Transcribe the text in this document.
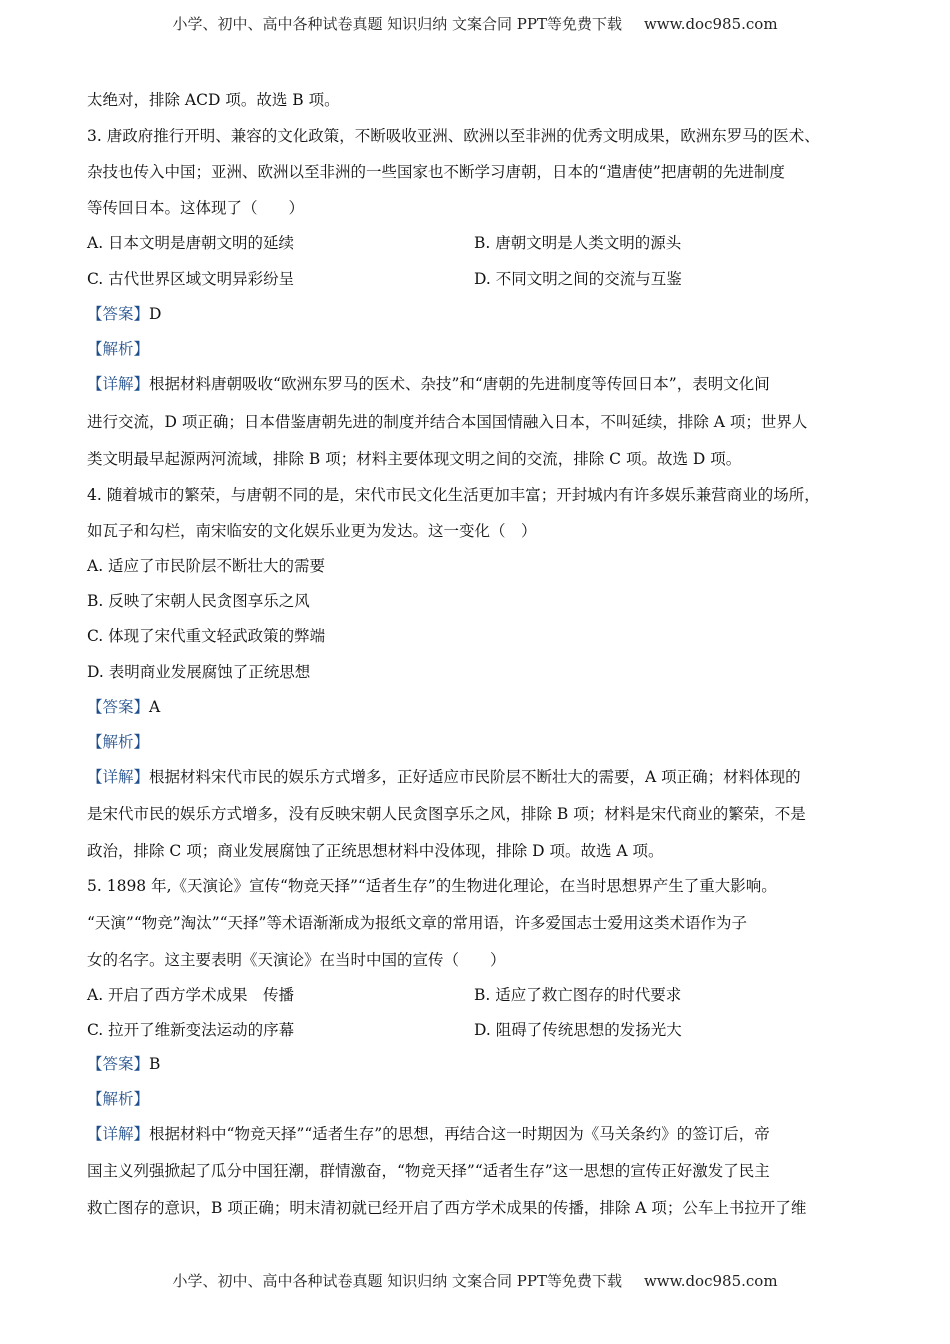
小学、初中、高中各种试卷真题 知识归纳 文案合同 PPT等免费下载 www.doc985.com
太绝对，排除 ACD 项。故选 B 项。
3. 唐政府推行开明、兼容的文化政策，不断吸收亚洲、欧洲以至非洲的优秀文明成果，欧洲东罗马的医术、
杂技也传入中国；亚洲、欧洲以至非洲的一些国家也不断学习唐朝，日本的“遣唐使”把唐朝的先进制度
等传回日本。这体现了（　　）
A. 日本文明是唐朝文明的延续	B. 唐朝文明是人类文明的源头
C. 古代世界区域文明异彩纷呈	D. 不同文明之间的交流与互鉴
【答案】D
【解析】
【详解】根据材料唐朝吸收“欧洲东罗马的医术、杂技”和“唐朝的先进制度等传回日本”，表明文化间
进行交流，D 项正确；日本借鉴唐朝先进的制度并结合本国国情融入日本，不叫延续，排除 A 项；世界人
类文明最早起源两河流域，排除 B 项；材料主要体现文明之间的交流，排除 C 项。故选 D 项。
4. 随着城市的繁荣，与唐朝不同的是，宋代市民文化生活更加丰富；开封城内有许多娱乐兼营商业的场所，
如瓦子和勾栏，南宋临安的文化娱乐业更为发达。这一变化（　）
A. 适应了市民阶层不断壮大的需要
B. 反映了宋朝人民贪图享乐之风
C. 体现了宋代重文轻武政策的弊端
D. 表明商业发展腐蚀了正统思想
【答案】A
【解析】
【详解】根据材料宋代市民的娱乐方式增多，正好适应市民阶层不断壮大的需要，A 项正确；材料体现的
是宋代市民的娱乐方式增多，没有反映宋朝人民贪图享乐之风，排除 B 项；材料是宋代商业的繁荣，不是
政治，排除 C 项；商业发展腐蚀了正统思想材料中没体现，排除 D 项。故选 A 项。
5. 1898 年,《天演论》宣传“物竞天择”“适者生存”的生物进化理论，在当时思想界产生了重大影响。
“天演”“物竞”淘汰”“天择”等术语渐渐成为报纸文章的常用语，许多爱国志士爱用这类术语作为子
女的名字。这主要表明《天演论》在当时中国的宣传（　　）
A. 开启了西方学术成果　传播	B. 适应了救亡图存的时代要求
C. 拉开了维新变法运动的序幕	D. 阻碍了传统思想的发扬光大
【答案】B
【解析】
【详解】根据材料中“物竞天择”“适者生存”的思想，再结合这一时期因为《马关条约》的签订后，帝
国主义列强掀起了瓜分中国狂潮，群情激奋，“物竞天择”“适者生存”这一思想的宣传正好激发了民主
救亡图存的意识，B 项正确；明末清初就已经开启了西方学术成果的传播，排除 A 项；公车上书拉开了维
小学、初中、高中各种试卷真题 知识归纳 文案合同 PPT等免费下载 www.doc985.com
